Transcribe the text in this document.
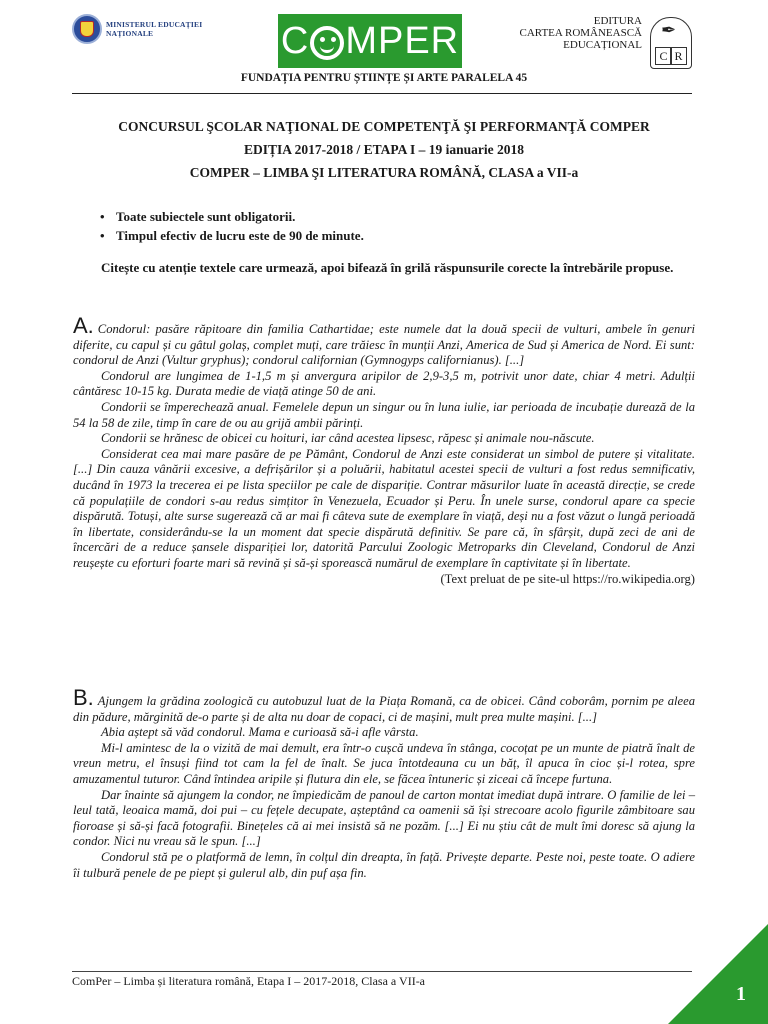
MINISTERUL EDUCAȚIEI
NAȚIONALE	C MPER	EDITURA
CARTEA ROMÂNEASCĂ
EDUCAȚIONAL
✒
C R
FUNDAȚIA PENTRU ȘTIINȚE ȘI ARTE PARALELA 45
CONCURSUL ŞCOLAR NAŢIONAL DE COMPETENŢĂ ŞI PERFORMANŢĂ COMPER
EDIȚIA 2017-2018 / ETAPA I – 19 ianuarie 2018
COMPER – LIMBA ŞI LITERATURA ROMÂNĂ, CLASA a VII-a
• Toate subiectele sunt obligatorii.
• Timpul efectiv de lucru este de 90 de minute.
Citește cu atenție textele care urmează, apoi bifează în grilă răspunsurile corecte la întrebările propuse.

A. Condorul: pasăre răpitoare din familia Cathartidae; este numele dat la două specii de vulturi, ambele în genuri diferite, cu capul și cu gâtul golaș, complet muți, care trăiesc în munții Anzi, America de Sud și America de Nord. Ei sunt: condorul de Anzi (Vultur gryphus); condorul californian (Gymnogyps californianus). [...]

Condorul are lungimea de 1-1,5 m și anvergura aripilor de 2,9-3,5 m, potrivit unor date, chiar 4 metri. Adulții cântăresc 10-15 kg. Durata medie de viață atinge 50 de ani.

Condorii se împerechează anual. Femelele depun un singur ou în luna iulie, iar perioada de incubație durează de la 54 la 58 de zile, timp în care de ou au grijă ambii părinți.

Condorii se hrănesc de obicei cu hoituri, iar când acestea lipsesc, răpesc și animale nou-născute.

Considerat cea mai mare pasăre de pe Pământ, Condorul de Anzi este considerat un simbol de putere și vitalitate. [...] Din cauza vânării excesive, a defrișărilor și a poluării, habitatul acestei specii de vulturi a fost redus semnificativ, ducând în 1973 la trecerea ei pe lista speciilor pe cale de dispariție. Contrar măsurilor luate în această direcție, se crede că populațiile de condori s-au redus simțitor în Venezuela, Ecuador și Peru. În unele surse, condorul apare ca specie dispărută. Totuși, alte surse sugerează că ar mai fi câteva sute de exemplare în viață, deși nu a fost văzut o lungă perioadă în libertate, considerându-se la un moment dat specie dispărută definitiv. Se pare că, în sfârșit, după zeci de ani de încercări de a reduce șansele dispariției lor, datorită Parcului Zoologic Metroparks din Cleveland, Condorul de Anzi reușește cu eforturi foarte mari să revină și să-și sporească numărul de exemplare în captivitate și în libertate.

(Text preluat de pe site-ul https://ro.wikipedia.org)

B. Ajungem la grădina zoologică cu autobuzul luat de la Piața Romană, ca de obicei. Când coborâm, pornim pe aleea din pădure, mărginită de-o parte și de alta nu doar de copaci, ci de mașini, mult prea multe mașini. [...]

Abia aștept să văd condorul. Mama e curioasă să-i afle vârsta.

Mi-l amintesc de la o vizită de mai demult, era într-o cușcă undeva în stânga, cocoțat pe un munte de piatră înalt de vreun metru, el însuși fiind tot cam la fel de înalt. Se juca întotdeauna cu un băț, îl apuca în cioc și-l rotea, spre amuzamentul tuturor. Când întindea aripile și flutura din ele, se făcea întuneric și ziceai că începe furtuna.

Dar înainte să ajungem la condor, ne împiedicăm de panoul de carton montat imediat după intrare. O familie de lei – leul tată, leoaica mamă, doi pui – cu fețele decupate, așteptând ca oamenii să își strecoare acolo figurile zâmbitoare sau fioroase și să-și facă fotografii. Binețeles că ai mei insistă să ne pozăm. [...] Ei nu știu cât de mult îmi doresc să ajung la condor. Nici nu vreau să le spun. [...]

Condorul stă pe o platformă de lemn, în colțul din dreapta, în față. Privește departe. Peste noi, peste toate. O adiere îi tulbură penele de pe piept și gulerul alb, din puf așa fin.

ComPer – Limba și literatura română, Etapa I – 2017-2018, Clasa a VII-a
1
